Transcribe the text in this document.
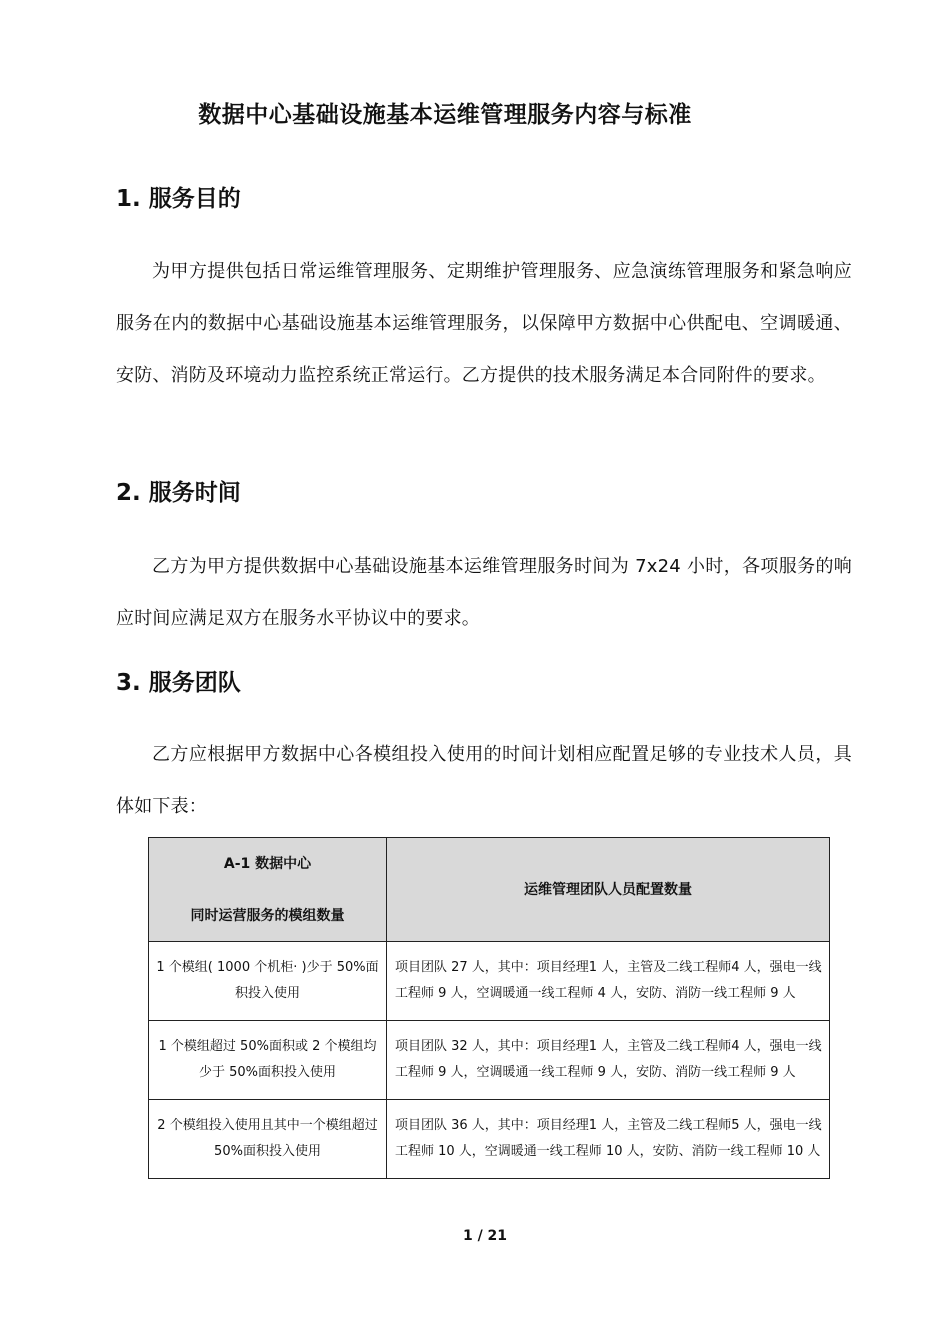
数据中心基础设施基本运维管理服务内容与标准
1. 服务目的

为甲方提供包括日常运维管理服务、定期维护管理服务、应急演练管理服务和紧急响应服务在内的数据中心基础设施基本运维管理服务，以保障甲方数据中心供配电、空调暖通、安防、消防及环境动力监控系统正常运行。乙方提供的技术服务满足本合同附件的要求。

2. 服务时间

乙方为甲方提供数据中心基础设施基本运维管理服务时间为 7x24 小时，各项服务的响应时间应满足双方在服务水平协议中的要求。

3. 服务团队

乙方应根据甲方数据中心各模组投入使用的时间计划相应配置足够的专业技术人员，具体如下表：

A-1 数据中心
同时运营服务的模组数量	运维管理团队人员配置数量
1 个模组( 1000 个机柜· )少于 50%面积投入使用	项目团队 27 人，其中：项目经理1 人，主管及二线工程师4 人，强电一线工程师 9 人，空调暖通一线工程师 4 人，安防、消防一线工程师 9 人
1 个模组超过 50%面积或 2 个模组均少于 50%面积投入使用	项目团队 32 人，其中：项目经理1 人，主管及二线工程师4 人，强电一线工程师 9 人，空调暖通一线工程师 9 人，安防、消防一线工程师 9 人
2 个模组投入使用且其中一个模组超过 50%面积投入使用	项目团队 36 人，其中：项目经理1 人，主管及二线工程师5 人，强电一线工程师 10 人，空调暖通一线工程师 10 人，安防、消防一线工程师 10 人
1 / 21
